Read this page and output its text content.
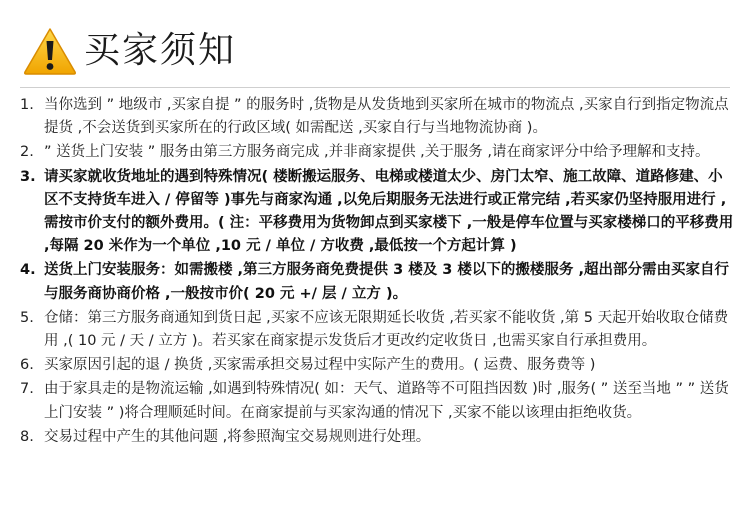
买家须知
1. 当你选到 ” 地级市 ,买家自提 ” 的服务时 ,货物是从发货地到买家所在城市的物流点 ,买家自行到指定物流点提货 ,不会送货到买家所在的行政区域( 如需配送 ,买家自行与当地物流协商 )。
2. ” 送货上门安装 ” 服务由第三方服务商完成 ,并非商家提供 ,关于服务 ,请在商家评分中给予理解和支持。
3. 请买家就收货地址的遇到特殊情况( 楼断搬运服务、电梯或楼道太少、房门太窄、施工故障、道路修建、小区不支持货车进入 / 停留等 )事先与商家沟通 ,以免后期服务无法进行或正常完结 ,若买家仍坚持服用进行 ,需按市价支付的额外费用。( 注：平移费用为货物卸点到买家楼下 ,一般是停车位置与买家楼梯口的平移费用 ,每隔 20 米作为一个单位 ,10 元 / 单位 / 方收费 ,最低按一个方起计算 )
4. 送货上门安装服务：如需搬楼 ,第三方服务商免费提供 3 楼及 3 楼以下的搬楼服务 ,超出部分需由买家自行与服务商协商价格 ,一般按市价( 20 元 +/ 层 / 立方 )。
5. 仓储：第三方服务商通知到货日起 ,买家不应该无限期延长收货 ,若买家不能收货 ,第 5 天起开始收取仓储费用 ,( 10 元 / 天 / 立方 )。若买家在商家提示发货后才更改约定收货日 ,也需买家自行承担费用。
6. 买家原因引起的退 / 换货 ,买家需承担交易过程中实际产生的费用。( 运费、服务费等 )
7. 由于家具走的是物流运输 ,如遇到特殊情况( 如：天气、道路等不可阻挡因数 )时 ,服务( ” 送至当地 ” ” 送货上门安装 ” )将合理顺延时间。在商家提前与买家沟通的情况下 ,买家不能以该理由拒绝收货。
8. 交易过程中产生的其他问题 ,将参照淘宝交易规则进行处理。
